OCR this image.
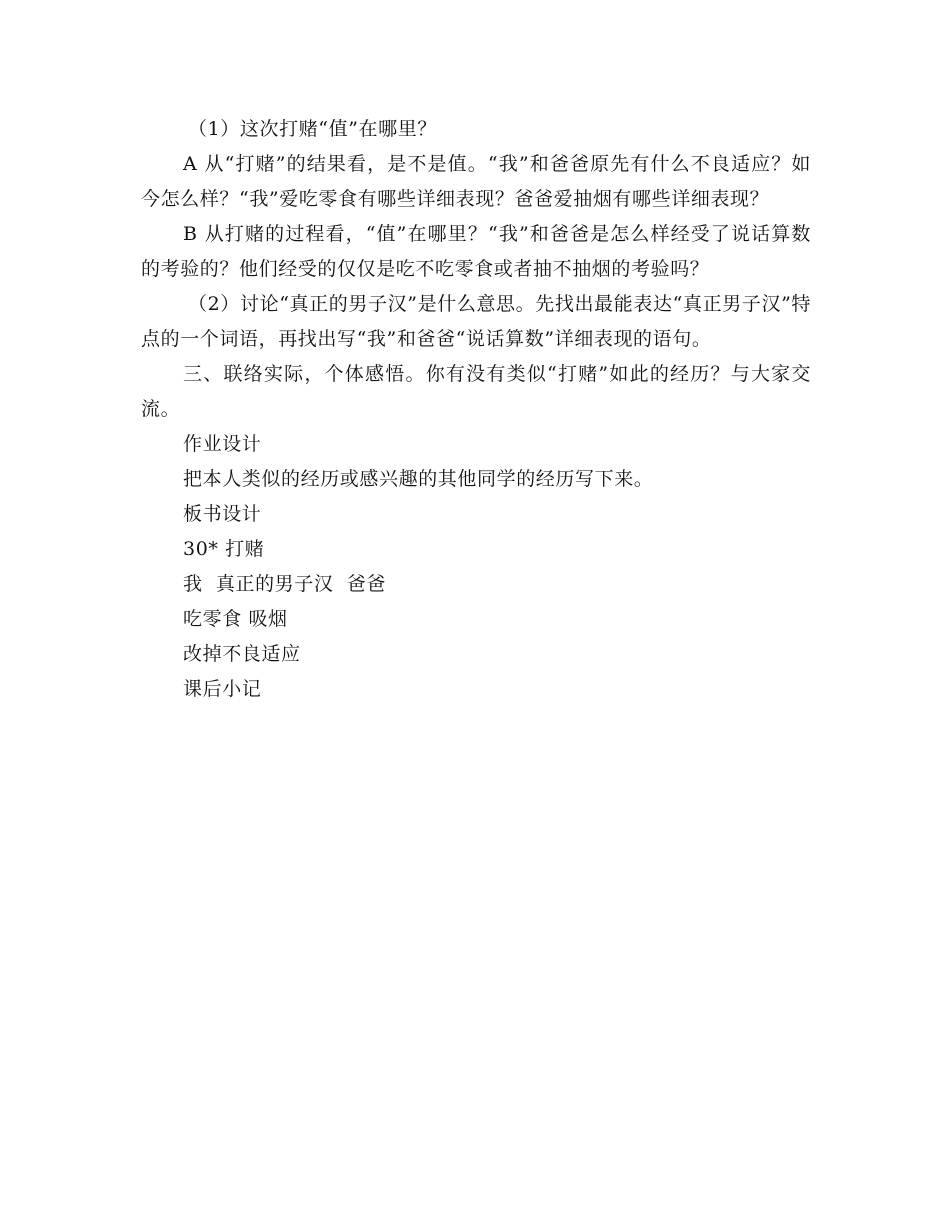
（1）这次打赌“值”在哪里？

A 从“打赌”的结果看，是不是值。“我”和爸爸原先有什么不良适应？如今怎么样？“我”爱吃零食有哪些详细表现？爸爸爱抽烟有哪些详细表现？

B 从打赌的过程看，“值”在哪里？“我”和爸爸是怎么样经受了说话算数的考验的？他们经受的仅仅是吃不吃零食或者抽不抽烟的考验吗？

（2）讨论“真正的男子汉”是什么意思。先找出最能表达“真正男子汉”特点的一个词语，再找出写“我”和爸爸“说话算数”详细表现的语句。

三、联络实际，个体感悟。你有没有类似“打赌”如此的经历？与大家交流。

作业设计

把本人类似的经历或感兴趣的其他同学的经历写下来。

板书设计

30* 打赌

我  真正的男子汉  爸爸

吃零食 吸烟

改掉不良适应

课后小记
